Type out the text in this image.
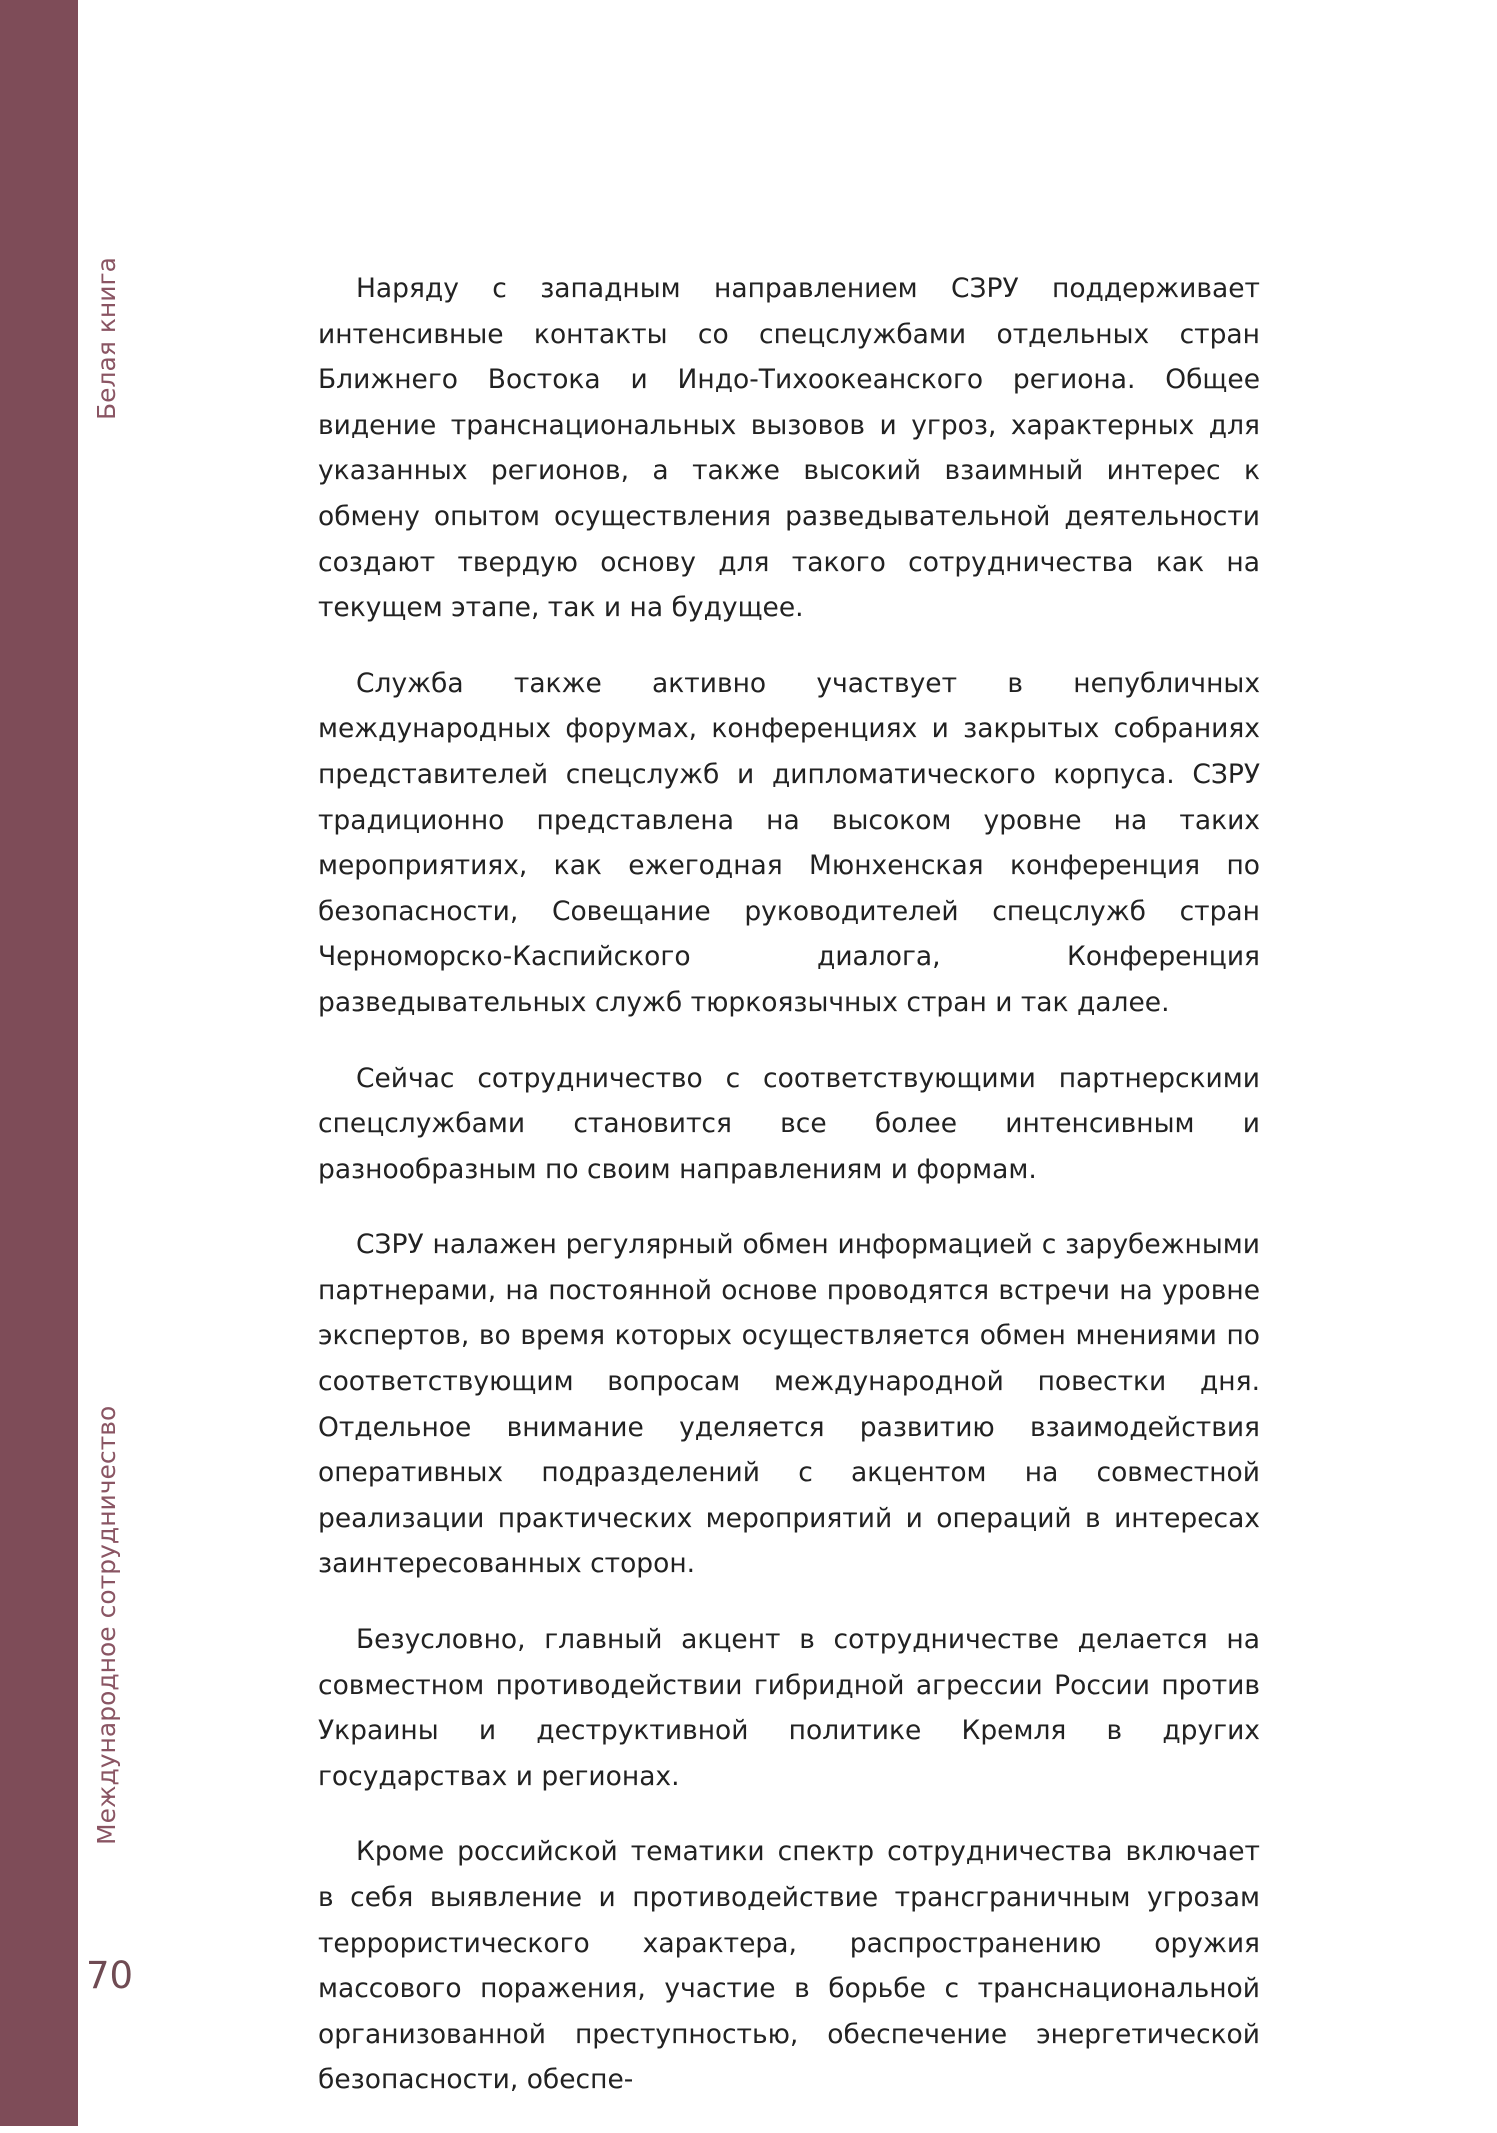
Белая книга
Международное сотрудничество
70

Наряду с западным направлением СЗРУ поддерживает интенсивные контакты со спецслужбами отдельных стран Ближнего Востока и Индо-Тихоокеанского региона. Общее видение транснациональных вызовов и угроз, характерных для указанных регионов, а также высокий взаимный интерес к обмену опытом осуществления разведывательной деятельности создают твердую основу для такого сотрудничества как на текущем этапе, так и на будущее.

Служба также активно участвует в непубличных международных форумах, конференциях и закрытых собраниях представителей спецслужб и дипломатического корпуса. СЗРУ традиционно представлена на высоком уровне на таких мероприятиях, как ежегодная Мюнхенская конференция по безопасности, Совещание руководителей спецслужб стран Черноморско-Каспийского диалога, Конференция разведывательных служб тюркоязычных стран и так далее.

Сейчас сотрудничество с соответствующими партнерскими спецслужбами становится все более интенсивным и разнообразным по своим направлениям и формам.

СЗРУ налажен регулярный обмен информацией с зарубежными партнерами, на постоянной основе проводятся встречи на уровне экспертов, во время которых осуществляется обмен мнениями по соответствующим вопросам международной повестки дня. Отдельное внимание уделяется развитию взаимодействия оперативных подразделений с акцентом на совместной реализации практических мероприятий и операций в интересах заинтересованных сторон.

Безусловно, главный акцент в сотрудничестве делается на совместном противодействии гибридной агрессии России против Украины и деструктивной политике Кремля в других государствах и регионах.

Кроме российской тематики спектр сотрудничества включает в себя выявление и противодействие трансграничным угрозам террористического характера, распространению оружия массового поражения, участие в борьбе с транснациональной организованной преступностью, обеспечение энергетической безопасности, обеспе-
